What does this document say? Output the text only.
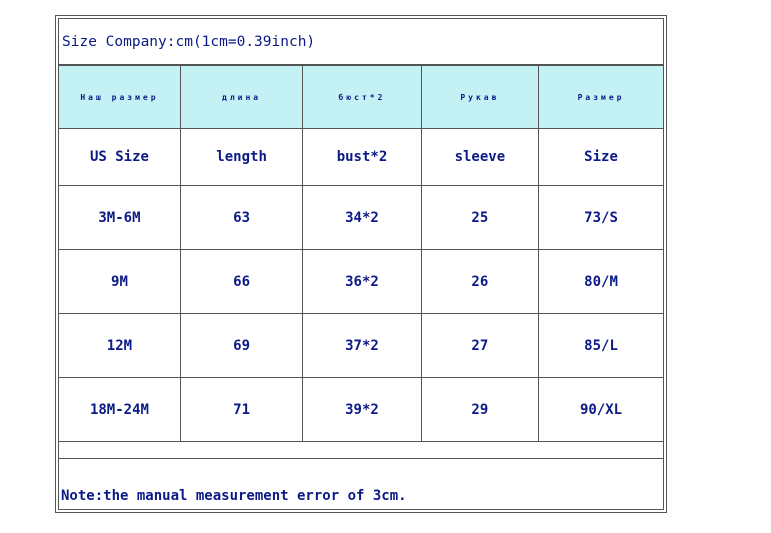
Size Company:cm(1cm=0.39inch)
Наш размер	длина	бюст*2	Рукав	Размер
US Size	length	bust*2	sleeve	Size
3M-6M	63	34*2	25	73/S
9M	66	36*2	26	80/M
12M	69	37*2	27	85/L
18M-24M	71	39*2	29	90/XL
Note:the manual measurement error of 3cm.
